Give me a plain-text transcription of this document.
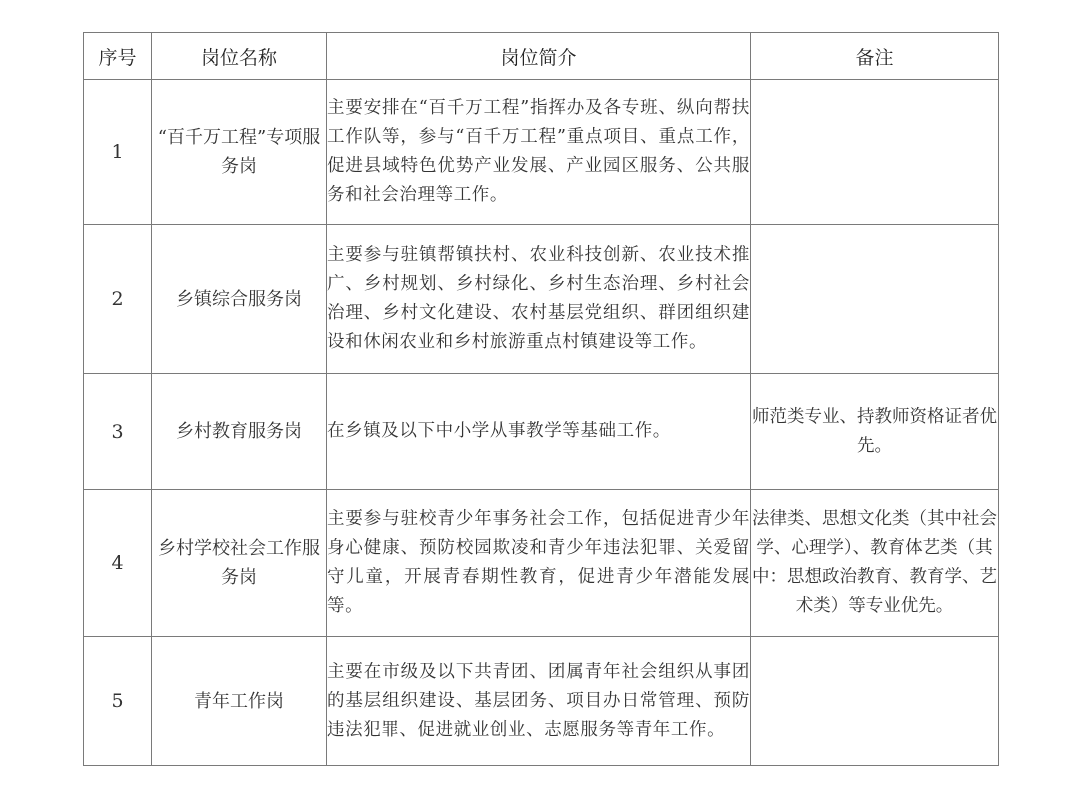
序号	岗位名称	岗位简介	备注
1	“百千万工程”专项服务岗	主要安排在“百千万工程”指挥办及各专班、纵向帮扶工作队等，参与“百千万工程”重点项目、重点工作，促进县域特色优势产业发展、产业园区服务、公共服务和社会治理等工作。	
2	乡镇综合服务岗	主要参与驻镇帮镇扶村、农业科技创新、农业技术推广、乡村规划、乡村绿化、乡村生态治理、乡村社会治理、乡村文化建设、农村基层党组织、群团组织建设和休闲农业和乡村旅游重点村镇建设等工作。	
3	乡村教育服务岗	在乡镇及以下中小学从事教学等基础工作。	师范类专业、持教师资格证者优先。
4	乡村学校社会工作服务岗	主要参与驻校青少年事务社会工作，包括促进青少年身心健康、预防校园欺凌和青少年违法犯罪、关爱留守儿童，开展青春期性教育，促进青少年潜能发展等。	法律类、思想文化类（其中社会学、心理学）、教育体艺类（其中：思想政治教育、教育学、艺术类）等专业优先。
5	青年工作岗	主要在市级及以下共青团、团属青年社会组织从事团的基层组织建设、基层团务、项目办日常管理、预防违法犯罪、促进就业创业、志愿服务等青年工作。	
